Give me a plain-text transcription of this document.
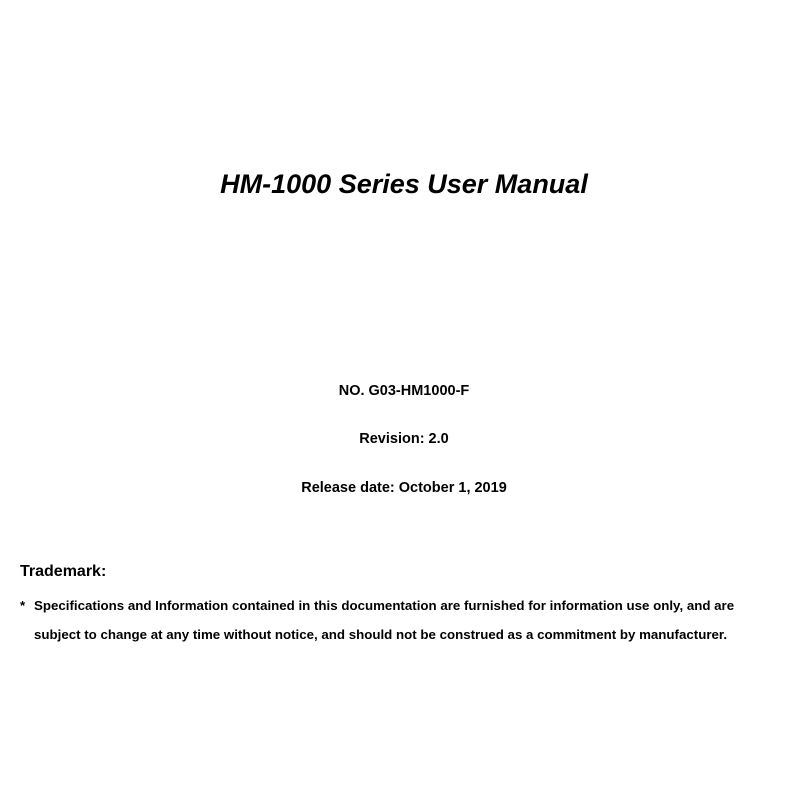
HM-1000 Series User Manual
NO. G03-HM1000-F
Revision: 2.0
Release date: October 1, 2019
Trademark:
* Specifications and Information contained in this documentation are furnished for information use only, and are
subject to change at any time without notice, and should not be construed as a commitment by manufacturer.
